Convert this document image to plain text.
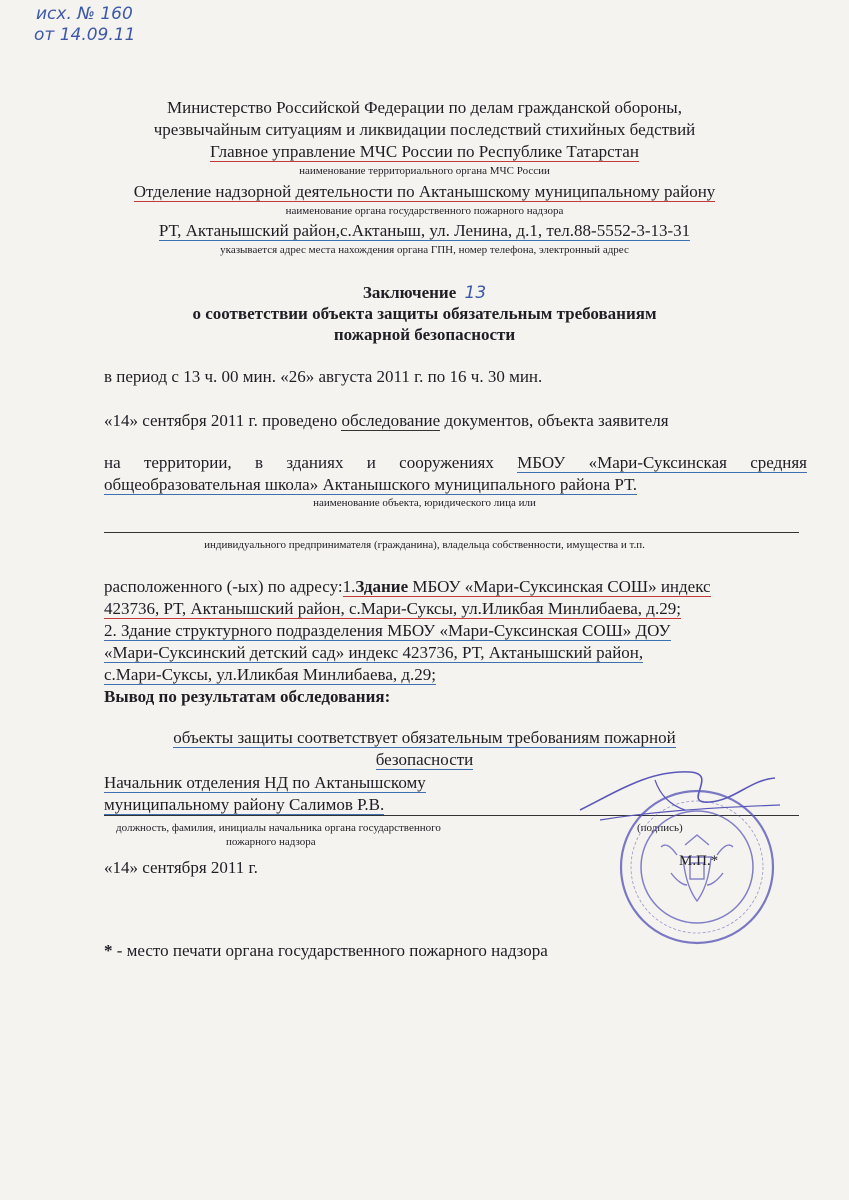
исх. № 160
от 14.09.11
Министерство Российской Федерации по делам гражданской обороны,
чрезвычайным ситуациям и ликвидации последствий стихийных бедствий
Главное управление МЧС России по Республике Татарстан
наименование территориального органа МЧС России
Отделение надзорной деятельности по Актанышскому муниципальному району
наименование органа государственного пожарного надзора
РТ, Актанышский район,с.Актаныш, ул. Ленина, д.1, тел.88-5552-3-13-31
указывается адрес места нахождения органа ГПН, номер телефона, электронный адрес
Заключение 13
о соответствии объекта защиты обязательным требованиям
пожарной безопасности
в период с 13 ч. 00 мин. «26» августа 2011 г. по 16 ч. 30 мин.
«14» сентября 2011 г. проведено обследование документов, объекта заявителя
на территории, в зданиях и сооружениях МБОУ «Мари-Суксинская средняя
общеобразовательная школа» Актанышского муниципального района РТ.
наименование объекта, юридического лица или
индивидуального предпринимателя (гражданина), владельца собственности, имущества и т.п.
расположенного (-ых) по адресу:1.Здание МБОУ «Мари-Суксинская СОШ» индекс
423736, РТ, Актанышский район, с.Мари-Суксы, ул.Иликбая Минлибаева, д.29;
2. Здание структурного подразделения МБОУ «Мари-Суксинская СОШ» ДОУ
«Мари-Суксинский детский сад» индекс 423736, РТ, Актанышский район,
с.Мари-Суксы, ул.Иликбая Минлибаева, д.29;
Вывод по результатам обследования:
объекты защиты соответствует обязательным требованиям пожарной
безопасности
Начальник отделения НД по Актанышскому
муниципальному району Салимов Р.В.
должность, фамилия, инициалы начальника органа государственного
пожарного надзора
(подпись)
«14» сентября 2011 г.	М.П.*
* - место печати органа государственного пожарного надзора
